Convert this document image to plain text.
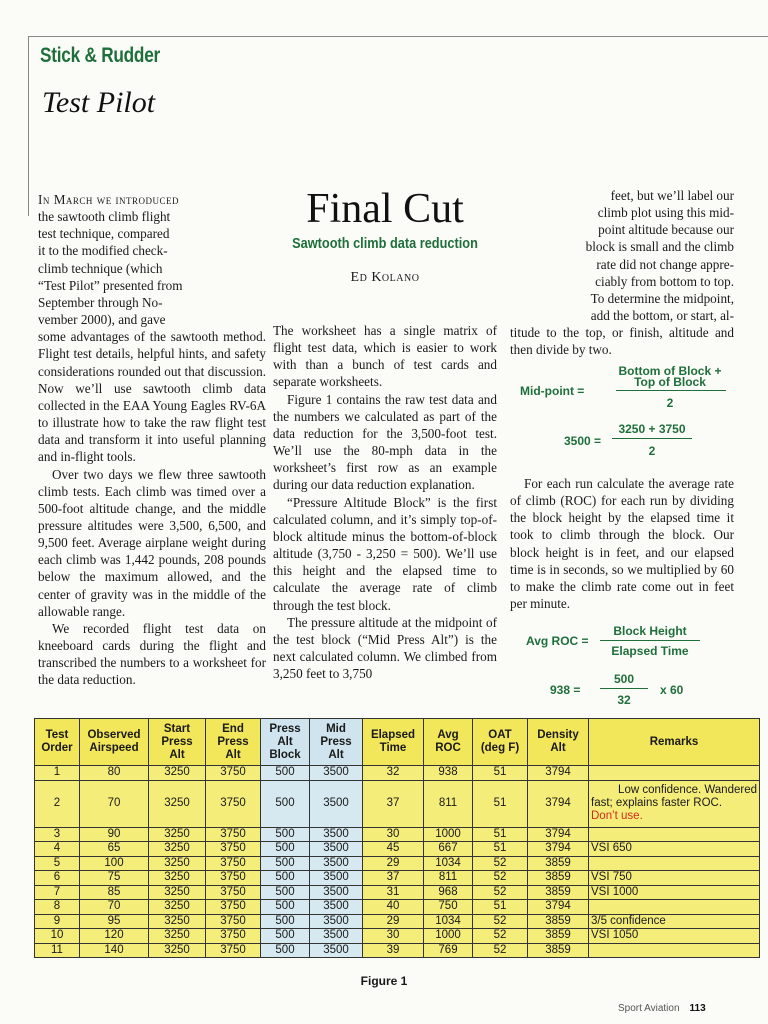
Stick & Rudder
Test Pilot
Final Cut
Sawtooth climb data reduction
Ed Kolano
In March we introduced
the sawtooth climb flight
test technique, compared
it to the modified check-
climb technique (which
“Test Pilot” presented from
September through No-
vember 2000), and gave

some advantages of the sawtooth method. Flight test details, helpful hints, and safety considerations rounded out that discussion. Now we’ll use sawtooth climb data collected in the EAA Young Eagles RV-6A to illustrate how to take the raw flight test data and transform it into useful planning and in-flight tools.

Over two days we flew three sawtooth climb tests. Each climb was timed over a 500-foot altitude change, and the middle pressure altitudes were 3,500, 6,500, and 9,500 feet. Average airplane weight during each climb was 1,442 pounds, 208 pounds below the maximum allowed, and the center of gravity was in the middle of the allowable range.

We recorded flight test data on kneeboard cards during the flight and transcribed the numbers to a worksheet for the data reduction.

The worksheet has a single matrix of flight test data, which is easier to work with than a bunch of test cards and separate worksheets.

Figure 1 contains the raw test data and the numbers we calculated as part of the data reduction for the 3,500-foot test. We’ll use the 80-mph data in the worksheet’s first row as an example during our data reduction explanation.

“Pressure Altitude Block” is the first calculated column, and it’s simply top-of-block altitude minus the bottom-of-block altitude (3,750 - 3,250 = 500). We’ll use this height and the elapsed time to calculate the average rate of climb through the test block.

The pressure altitude at the midpoint of the test block (“Mid Press Alt”) is the next calculated column. We climbed from 3,250 feet to 3,750

feet, but we’ll label our
climb plot using this mid-
point altitude because our
block is small and the climb
rate did not change appre-
ciably from bottom to top.
To determine the midpoint,
add the bottom, or start, al-

titude to the top, or finish, altitude and then divide by two.

Mid-point =
Bottom of Block +
Top of Block
2
3500 =
3250 + 3750
2

For each run calculate the average rate of climb (ROC) for each run by dividing the block height by the elapsed time it took to climb through the block. Our block height is in feet, and our elapsed time is in seconds, so we multiplied by 60 to make the climb rate come out in feet per minute.

Avg ROC =
Block Height
Elapsed Time
938 =
500
32
x 60
Test
Order	Observed
Airspeed	Start
Press
Alt	End
Press
Alt	Press
Alt
Block	Mid
Press
Alt	Elapsed
Time	Avg
ROC	OAT
(deg F)	Density
Alt	Remarks
1	80	3250	3750	500	3500	32	938	51	3794	
2	70	3250	3750	500	3500	37	811	51	3794	Low confidence. Wandered
fast; explains faster ROC.
Don’t use.

3	90	3250	3750	500	3500	30	1000	51	3794	
4	65	3250	3750	500	3500	45	667	51	3794	VSI 650
5	100	3250	3750	500	3500	29	1034	52	3859	
6	75	3250	3750	500	3500	37	811	52	3859	VSI 750
7	85	3250	3750	500	3500	31	968	52	3859	VSI 1000
8	70	3250	3750	500	3500	40	750	51	3794	
9	95	3250	3750	500	3500	29	1034	52	3859	3/5 confidence
10	120	3250	3750	500	3500	30	1000	52	3859	VSI 1050
11	140	3250	3750	500	3500	39	769	52	3859	
Figure 1
Sport Aviation 113
